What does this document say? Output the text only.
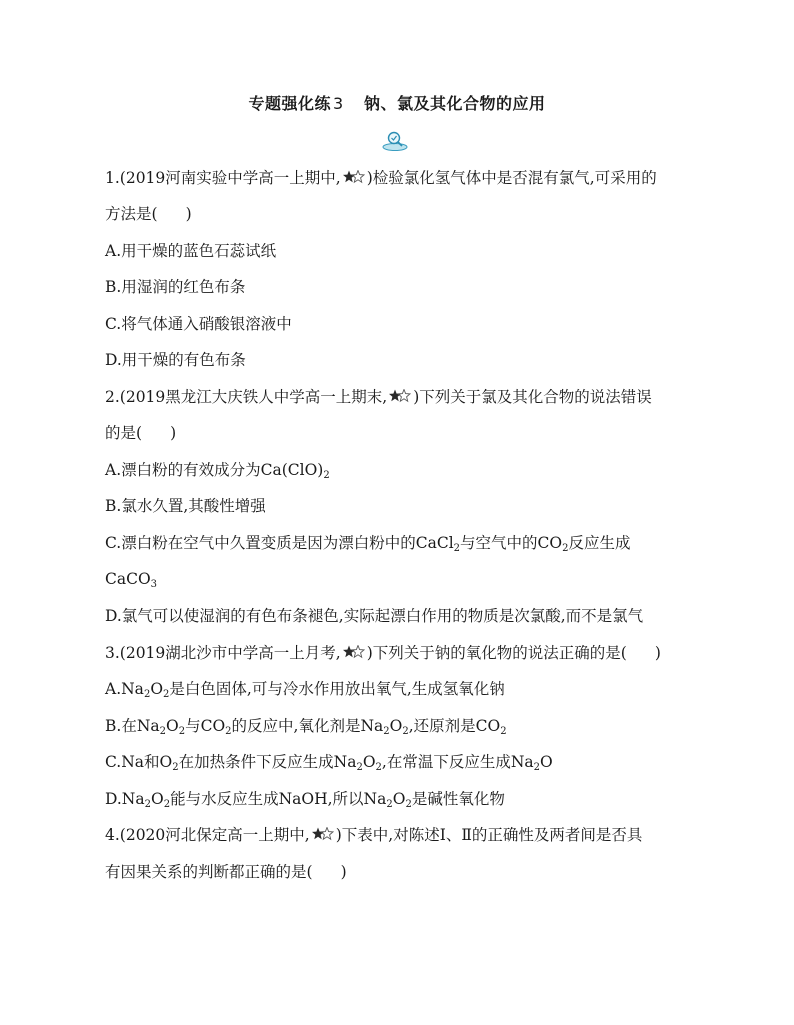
专题强化练 3 钠、氯及其化合物的应用
1.(2019河南实验中学高一上期中, )检验氯化氢气体中是否混有氯气,可采用的
方法是( )
A.用干燥的蓝色石蕊试纸
B.用湿润的红色布条
C.将气体通入硝酸银溶液中
D.用干燥的有色布条
2.(2019黑龙江大庆铁人中学高一上期末, )下列关于氯及其化合物的说法错误
的是( )
A.漂白粉的有效成分为$Ca(ClO)_2$
B.氯水久置,其酸性增强
C.漂白粉在空气中久置变质是因为漂白粉中的CaCl$_2$与空气中的$CO_2$反应生成
CaCO$_3$
D.氯气可以使湿润的有色布条褪色,实际起漂白作用的物质是次氯酸,而不是氯气
3.(2019湖北沙市中学高一上月考, )下列关于钠的氧化物的说法正确的是( )
$A.Na_2O_2$是白色固体,可与冷水作用放出氧气,生成氢氧化钠
B.在$Na_2O_2$与$CO_2$的反应中,氧化剂是$Na_2O_2$,还原剂是$CO_2$
C.Na和$O_2$在加热条件下反应生成$Na_2O_2$,在常温下反应生成$Na_2O$
$D.Na_2O_2$能与水反应生成NaOH,所以$Na_2O_2$是碱性氧化物
4.(2020河北保定高一上期中, )下表中,对陈述Ⅰ、Ⅱ的正确性及两者间是否具
有因果关系的判断都正确的是( )
